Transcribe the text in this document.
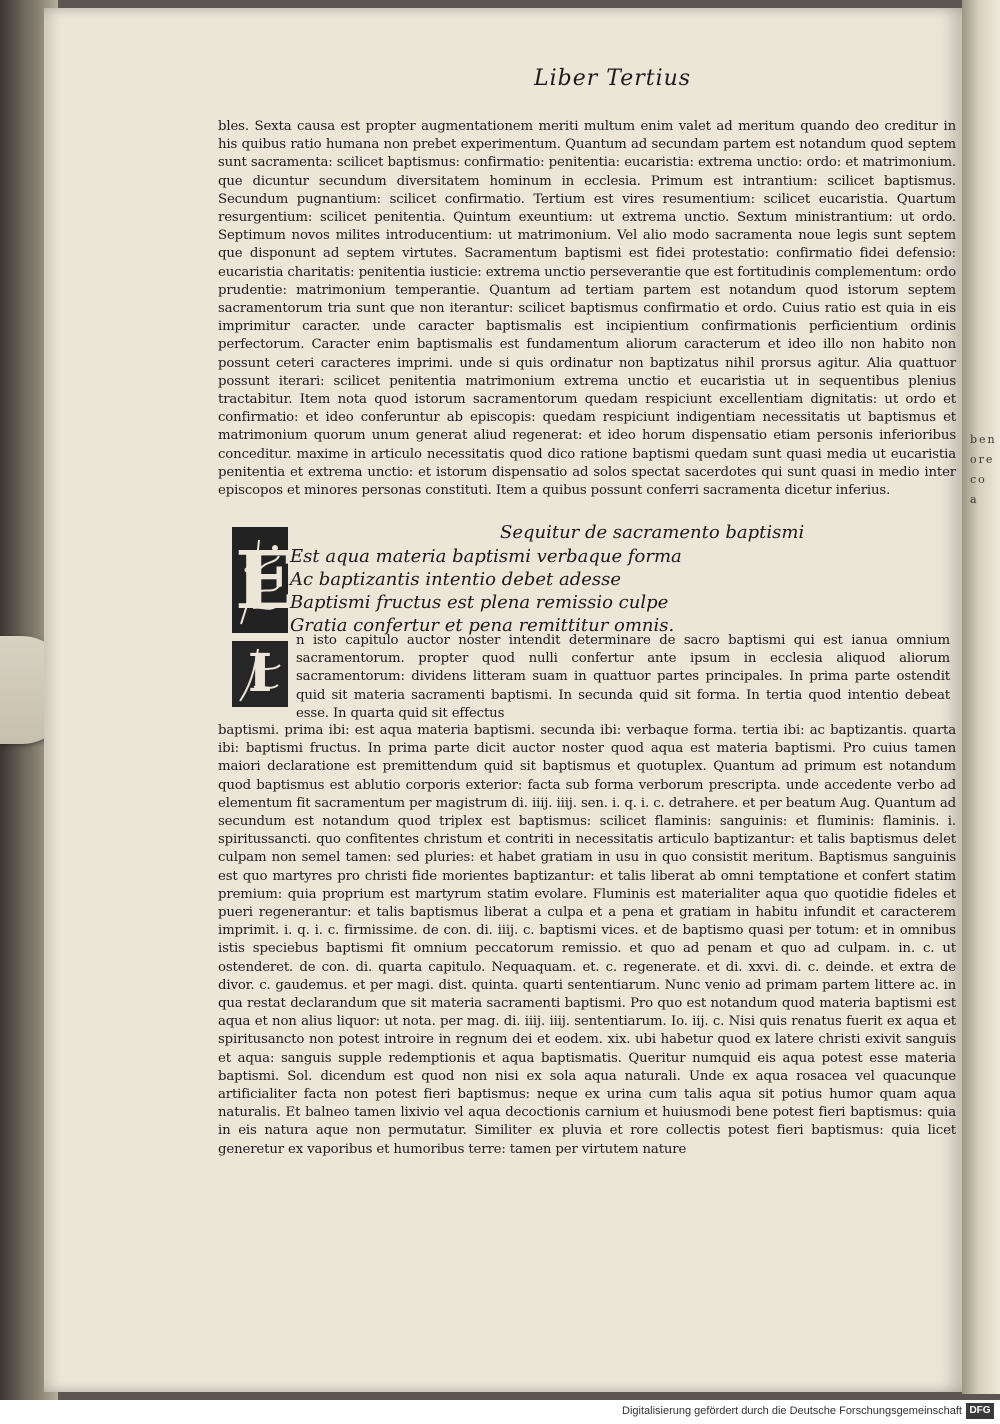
ben ore co a
Liber Tertius

bles. Sexta causa est propter augmentationem meriti multum enim valet ad meritum quando deo creditur in his quibus ratio humana non prebet experimentum. Quantum ad secundam partem est notandum quod septem sunt sacramenta: scilicet baptismus: confirmatio: penitentia: eucaristia: extrema unctio: ordo: et matrimonium. que dicuntur secundum diversitatem hominum in ecclesia. Primum est intrantium: scilicet baptismus. Secundum pugnantium: scilicet confirmatio. Tertium est vires resumentium: scilicet eucaristia. Quartum resurgentium: scilicet penitentia. Quintum exeuntium: ut extrema unctio. Sextum ministrantium: ut ordo. Septimum novos milites introducentium: ut matrimonium. Vel alio modo sacramenta noue legis sunt septem que disponunt ad septem virtutes. Sacramentum baptismi est fidei protestatio: confirmatio fidei defensio: eucaristia charitatis: penitentia iusticie: extrema unctio perseverantie que est fortitudinis complementum: ordo prudentie: matrimonium temperantie. Quantum ad tertiam partem est notandum quod istorum septem sacramentorum tria sunt que non iterantur: scilicet baptismus confirmatio et ordo. Cuius ratio est quia in eis imprimitur caracter. unde caracter baptismalis est incipientium confirmationis perficientium ordinis perfectorum. Caracter enim baptismalis est fundamentum aliorum caracterum et ideo illo non habito non possunt ceteri caracteres imprimi. unde si quis ordinatur non baptizatus nihil prorsus agitur. Alia quattuor possunt iterari: scilicet penitentia matrimonium extrema unctio et eucaristia ut in sequentibus plenius tractabitur. Item nota quod istorum sacramentorum quedam respiciunt excellentiam dignitatis: ut ordo et confirmatio: et ideo conferuntur ab episcopis: quedam respiciunt indigentiam necessitatis ut baptismus et matrimonium quorum unum generat aliud regenerat: et ideo horum dispensatio etiam personis inferioribus conceditur. maxime in articulo necessitatis quod dico ratione baptismi quedam sunt quasi media ut eucaristia penitentia et extrema unctio: et istorum dispensatio ad solos spectat sacerdotes qui sunt quasi in medio inter episcopos et minores personas constituti. Item a quibus possunt conferri sacramenta dicetur inferius.

Sequitur de sacramento baptismi
E
Est aqua materia baptismi verbaque forma
Ac baptizantis intentio debet adesse
Baptismi fructus est plena remissio culpe
Gratia confertur et pena remittitur omnis.
I
n isto capitulo auctor noster intendit determinare de sacro baptismi qui est ianua omnium sacramentorum. propter quod nulli confertur ante ipsum in ecclesia aliquod aliorum sacramentorum: dividens litteram suam in quattuor partes principales. In prima parte ostendit quid sit materia sacramenti baptismi. In secunda quid sit forma. In tertia quod intentio debeat esse. In quarta quid sit effectus
baptismi. prima ibi: est aqua materia baptismi. secunda ibi: verbaque forma. tertia ibi: ac baptizantis. quarta ibi: baptismi fructus. In prima parte dicit auctor noster quod aqua est materia baptismi. Pro cuius tamen maiori declaratione est premittendum quid sit baptismus et quotuplex. Quantum ad primum est notandum quod baptismus est ablutio corporis exterior: facta sub forma verborum prescripta. unde accedente verbo ad elementum fit sacramentum per magistrum di. iiij. iiij. sen. i. q. i. c. detrahere. et per beatum Aug. Quantum ad secundum est notandum quod triplex est baptismus: scilicet flaminis: sanguinis: et fluminis: flaminis. i. spiritussancti. quo confitentes christum et contriti in necessitatis articulo baptizantur: et talis baptismus delet culpam non semel tamen: sed pluries: et habet gratiam in usu in quo consistit meritum. Baptismus sanguinis est quo martyres pro christi fide morientes baptizantur: et talis liberat ab omni temptatione et confert statim premium: quia proprium est martyrum statim evolare. Fluminis est materialiter aqua quo quotidie fideles et pueri regenerantur: et talis baptismus liberat a culpa et a pena et gratiam in habitu infundit et caracterem imprimit. i. q. i. c. firmissime. de con. di. iiij. c. baptismi vices. et de baptismo quasi per totum: et in omnibus istis speciebus baptismi fit omnium peccatorum remissio. et quo ad penam et quo ad culpam. in. c. ut ostenderet. de con. di. quarta capitulo. Nequaquam. et. c. regenerate. et di. xxvi. di. c. deinde. et extra de divor. c. gaudemus. et per magi. dist. quinta. quarti sententiarum. Nunc venio ad primam partem littere ac. in qua restat declarandum que sit materia sacramenti baptismi. Pro quo est notandum quod materia baptismi est aqua et non alius liquor: ut nota. per mag. di. iiij. iiij. sententiarum. Io. iij. c. Nisi quis renatus fuerit ex aqua et spiritusancto non potest introire in regnum dei et eodem. xix. ubi habetur quod ex latere christi exivit sanguis et aqua: sanguis supple redemptionis et aqua baptismatis. Queritur numquid eis aqua potest esse materia baptismi. Sol. dicendum est quod non nisi ex sola aqua naturali. Unde ex aqua rosacea vel quacunque artificialiter facta non potest fieri baptismus: neque ex urina cum talis aqua sit potius humor quam aqua naturalis. Et balneo tamen lixivio vel aqua decoctionis carnium et huiusmodi bene potest fieri baptismus: quia in eis natura aque non permutatur. Similiter ex pluvia et rore collectis potest fieri baptismus: quia licet generetur ex vaporibus et humoribus terre: tamen per virtutem nature
Digitalisierung gefördert durch die Deutsche Forschungsgemeinschaft DFG
